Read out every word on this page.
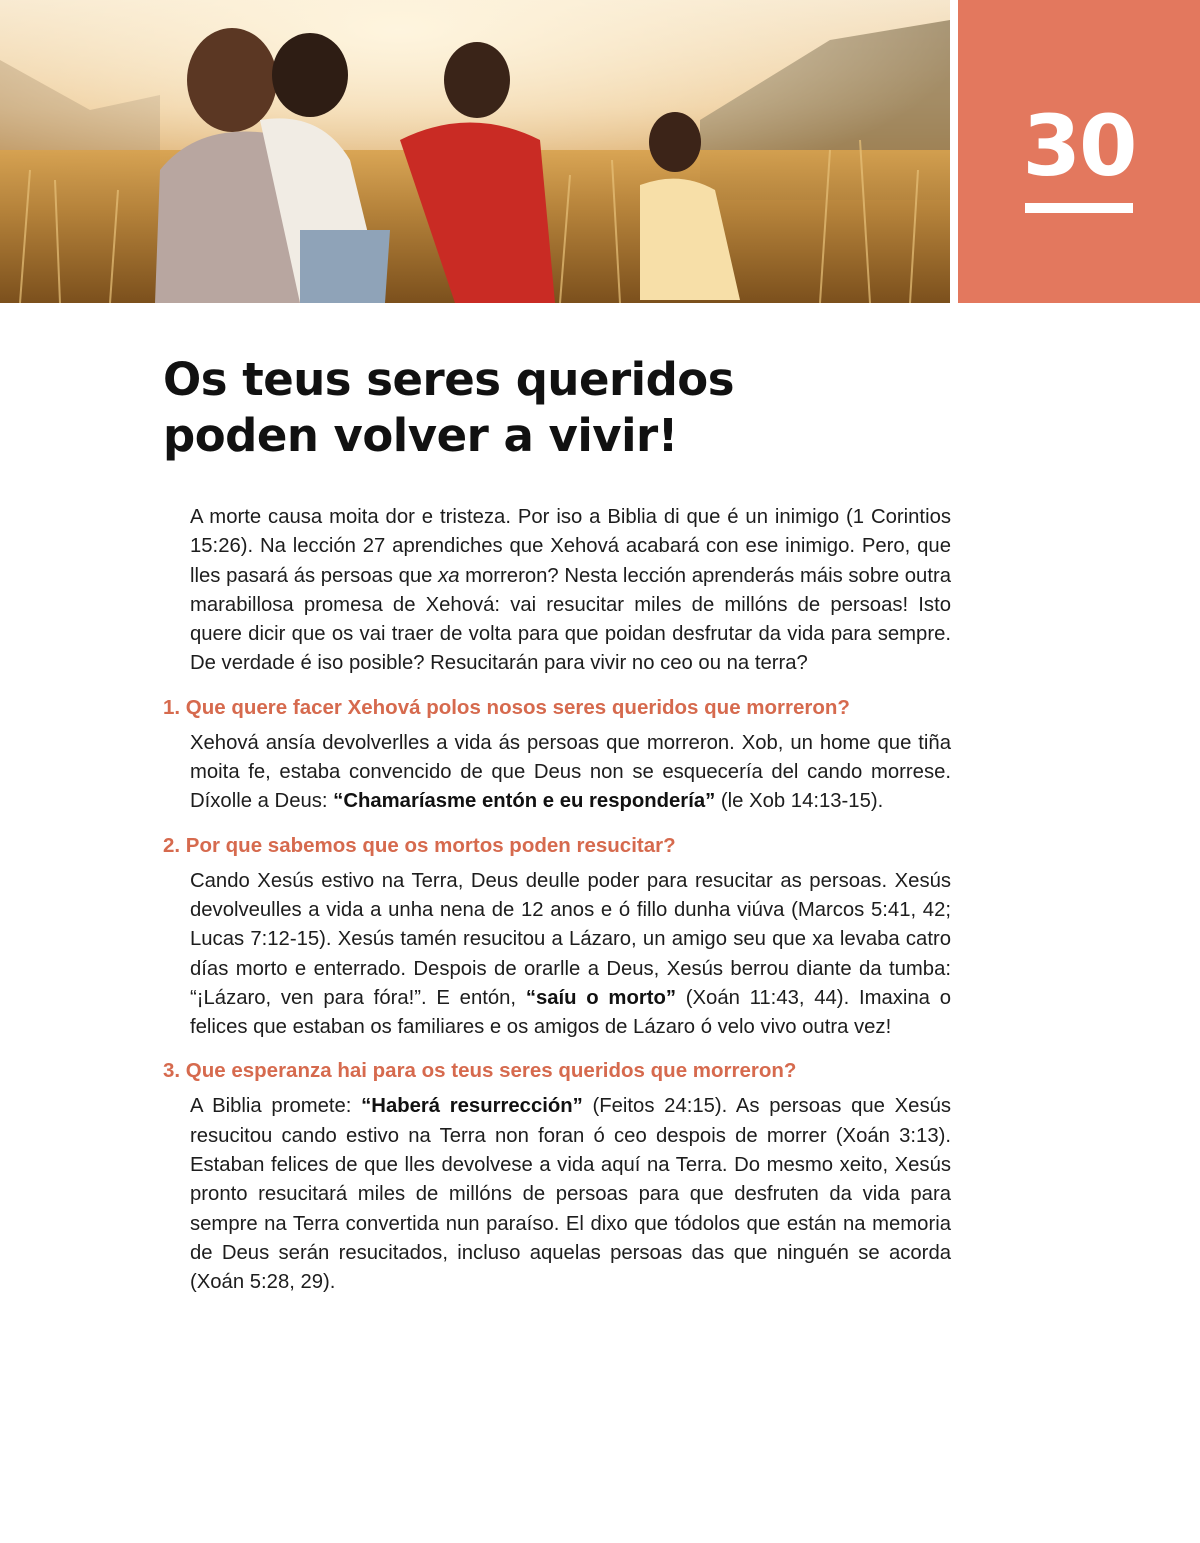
30
Os teus seres queridos
poden volver a vivir!

A morte causa moita dor e tristeza. Por iso a Biblia di que é un inimigo (1 Corintios 15:26). Na lección 27 aprendiches que Xehová acabará con ese inimigo. Pero, que lles pasará ás persoas que xa morreron? Nesta lección aprenderás máis sobre outra marabillosa promesa de Xehová: vai resucitar miles de millóns de persoas! Isto quere dicir que os vai traer de volta para que poidan desfrutar da vida para sempre. De verdade é iso posible? Resucitarán para vivir no ceo ou na terra?

1. Que quere facer Xehová polos nosos seres queridos que morreron?

Xehová ansía devolverlles a vida ás persoas que morreron. Xob, un home que tiña moita fe, estaba convencido de que Deus non se esquecería del cando morrese. Díxolle a Deus: “Chamaríasme entón e eu respondería” (le Xob 14:13-15).

2. Por que sabemos que os mortos poden resucitar?

Cando Xesús estivo na Terra, Deus deulle poder para resucitar as persoas. Xesús devolveulles a vida a unha nena de 12 anos e ó fillo dunha viúva (Marcos 5:41, 42; Lucas 7:12-15). Xesús tamén resucitou a Lázaro, un amigo seu que xa levaba catro días morto e enterrado. Despois de orarlle a Deus, Xesús berrou diante da tumba: “¡Lázaro, ven para fóra!”. E entón, “saíu o morto” (Xoán 11:43, 44). Imaxina o felices que estaban os familiares e os amigos de Lázaro ó velo vivo outra vez!

3. Que esperanza hai para os teus seres queridos que morreron?

A Biblia promete: “Haberá resurrección” (Feitos 24:15). As persoas que Xesús resucitou cando estivo na Terra non foran ó ceo despois de morrer (Xoán 3:13). Estaban felices de que lles devolvese a vida aquí na Terra. Do mesmo xeito, Xesús pronto resucitará miles de millóns de persoas para que desfruten da vida para sempre na Terra convertida nun paraíso. El dixo que tódolos que están na memoria de Deus serán resucitados, incluso aquelas persoas das que ninguén se acorda (Xoán 5:28, 29).
